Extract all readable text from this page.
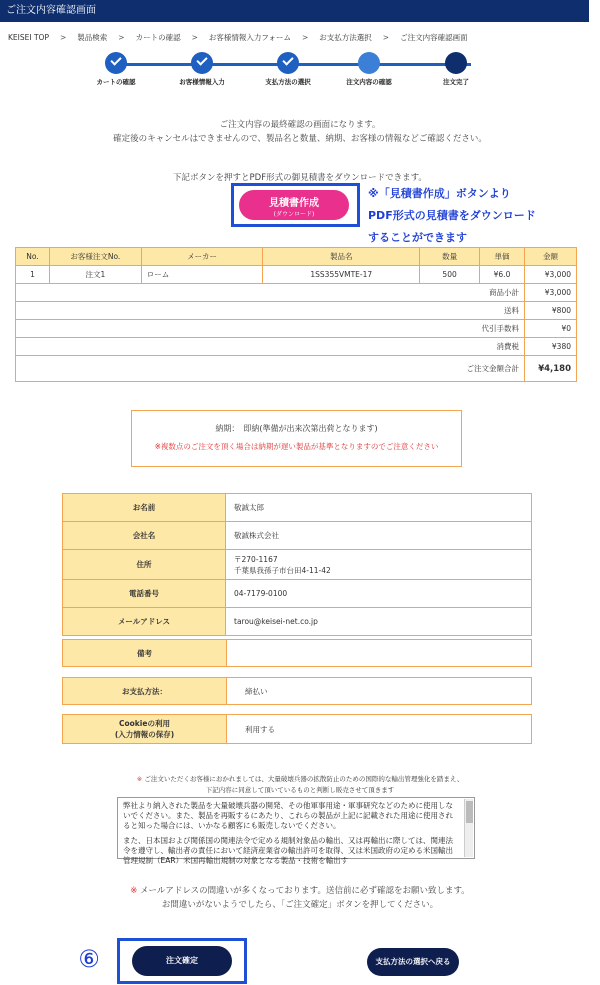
ご注文内容確認画面
KEISEI TOP > 製品検索 > カートの確認 > お客様情報入力フォーム > お支払方法選択 > ご注文内容確認画面
カートの確認	お客様情報入力	支払方法の選択	注文内容の確認	注文完了
ご注文内容の最終確認の画面になります。
確定後のキャンセルはできませんので、製品名と数量、納期、お客様の情報などご確認ください。
下記ボタンを押すとPDF形式の御見積書をダウンロードできます。
見積書作成
(ダウンロード)
※「見積書作成」ボタンより
PDF形式の見積書をダウンロード
することができます
No.	お客様注文No.	メーカー	製品名	数量	単価	金額
1	注文1	ローム	1SS355VMTE-17	500	¥6.0	¥3,000
商品小計						¥3,000
送料						¥800
代引手数料						¥0
消費税						¥380
ご注文金額合計						¥4,180
納期：　即納(準備が出来次第出荷となります)
※複数点のご注文を頂く場合は納期が遅い製品が基準となりますのでご注意ください
お名前	敬誠太郎
会社名	敬誠株式会社
住所	〒270-1167
千葉県我孫子市台田4-11-42

電話番号	04-7179-0100
メールアドレス	tarou@keisei-net.co.jp
備考
お支払方法：	締払い
Cookieの利用
(入力情報の保存)
利用する
※ ご注文いただくお客様におかれましては、大量破壊兵器の拡散防止のための国際的な輸出管理強化を踏まえ、
下記内容に同意して頂いているものと判断し販売させて頂きます

弊社より納入された製品を大量破壊兵器の開発、その他軍事用途・軍事研究などのために使用しないでください。また、製品を再販するにあたり、これらの製品が上記に記載された用途に使用されると知った場合には、いかなる顧客にも販売しないでください。

また、日本国および関係国の関連法令で定める規制対象品の輸出、又は再輸出に際しては、関連法令を遵守し、輸出者の責任において経済産業省の輸出許可を取得、又は米国政府の定める米国輸出管理規制（EAR）米国再輸出規制の対象となる製品・技術を輸出す

※ メールアドレスの間違いが多くなっております。送信前に必ず確認をお願い致します。
お間違いがないようでしたら、「ご注文確定」ボタンを押してください。
⑥	注文確定	支払方法の選択へ戻る
